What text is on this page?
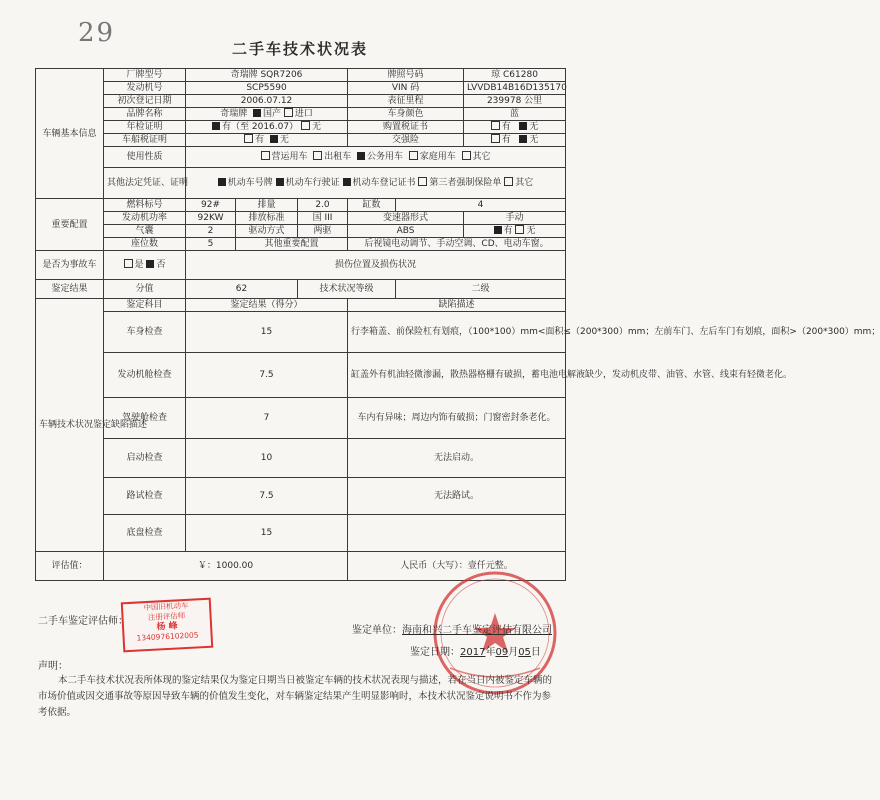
29
二手车技术状况表
车辆基本信息	厂牌型号	奇瑞牌 SQR7206			牌照号码		琼 C61280
	发动机号	SCP5590			VIN 码		LVVDB14B16D135170
	初次登记日期	2006.07.12			表征里程		239978 公里
	品牌名称	奇瑞牌 国产 进口			车身颜色		蓝
	年检证明	有（至 2016.07） 无			购置税证书		有 无
	车船税证明	有 无			交强险		有 无
	使用性质	营运用车 出租车 公务用车 家庭用车 其它					
	其他法定凭证、证明	机动车号牌 机动车行驶证 机动车登记证书 第三者强制保险单 其它					

重要配置	燃料标号	92#	排量	2.0	缸数	4	
	发动机功率	92KW	排放标准	国 III	变速器形式		手动
	气囊	2	驱动方式	两驱	ABS		有 无
	座位数	5	其他重要配置		后视镜电动调节、手动空调、CD、电动车窗。		
是否为事故车	是 否	损伤位置及损伤状况					
鉴定结果	分值	62		技术状况等级		二级	
车辆技术状况鉴定缺陷描述	鉴定科目	鉴定结果（得分）			缺陷描述		
	车身检查	15			行李箱盖、前保险杠有划痕，（100*100）mm<面积≤（200*300）mm；左前车门、左后车门有划痕，面积>（200*300）mm；		
	发动机舱检查	7.5			缸盖外有机油轻微渗漏，散热器格栅有破损，蓄电池电解液缺少，发动机皮带、油管、水管、线束有轻微老化。		
	驾驶舱检查	7			车内有异味；周边内饰有破损；门窗密封条老化。		
	启动检查	10			无法启动。		
	路试检查	7.5			无法路试。		
	底盘检查	15					
评估值：	￥：1000.00				人民币（大写）：壹仟元整。		
二手车鉴定评估师：
中国旧机动车
注册评估师
杨 峰
1340976102005	鉴定单位：海南和兴二手车鉴定评估有限公司
鉴定日期：2017年09月05日
声明：
本二手车技术状况表所体现的鉴定结果仅为鉴定日期当日被鉴定车辆的技术状况表现与描述，若在当日内被鉴定车辆的市场价值或因交通事故等原因导致车辆的价值发生变化，对车辆鉴定结果产生明显影响时，本技术状况鉴定说明书不作为参考依据。
